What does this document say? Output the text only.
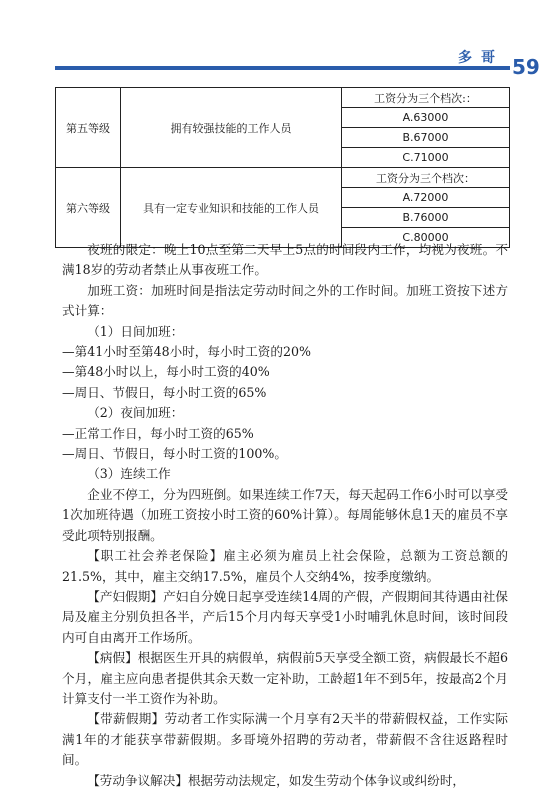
多哥 59
第五等级	拥有较强技能的工作人员	工资分为三个档次:：
		A.63000
		B.67000
		C.71000
第六等级	具有一定专业知识和技能的工作人员	工资分为三个档次：
		A.72000
		B.76000
		C.80000

夜班的限定：晚上10点至第二天早上5点的时间段内工作，均视为夜班。不满18岁的劳动者禁止从事夜班工作。

加班工资：加班时间是指法定劳动时间之外的工作时间。加班工资按下述方式计算：

（1）日间加班：

—第41小时至第48小时，每小时工资的20%

—第48小时以上，每小时工资的40%

—周日、节假日，每小时工资的65%

（2）夜间加班：

—正常工作日，每小时工资的65%

—周日、节假日，每小时工资的100%。

（3）连续工作

企业不停工，分为四班倒。如果连续工作7天，每天起码工作6小时可以享受1次加班待遇（加班工资按小时工资的60%计算）。每周能够休息1天的雇员不享受此项特别报酬。

【职工社会养老保险】雇主必须为雇员上社会保险，总额为工资总额的21.5%，其中，雇主交纳17.5%，雇员个人交纳4%，按季度缴纳。

【产妇假期】产妇自分娩日起享受连续14周的产假，产假期间其待遇由社保局及雇主分别负担各半，产后15个月内每天享受1小时哺乳休息时间，该时间段内可自由离开工作场所。

【病假】根据医生开具的病假单，病假前5天享受全额工资，病假最长不超6个月，雇主应向患者提供其余天数一定补助，工龄超1年不到5年，按最高2个月计算支付一半工资作为补助。

【带薪假期】劳动者工作实际满一个月享有2天半的带薪假权益，工作实际满1年的才能获享带薪假期。多哥境外招聘的劳动者，带薪假不含往返路程时间。

【劳动争议解决】根据劳动法规定，如发生劳动个体争议或纠纷时，
